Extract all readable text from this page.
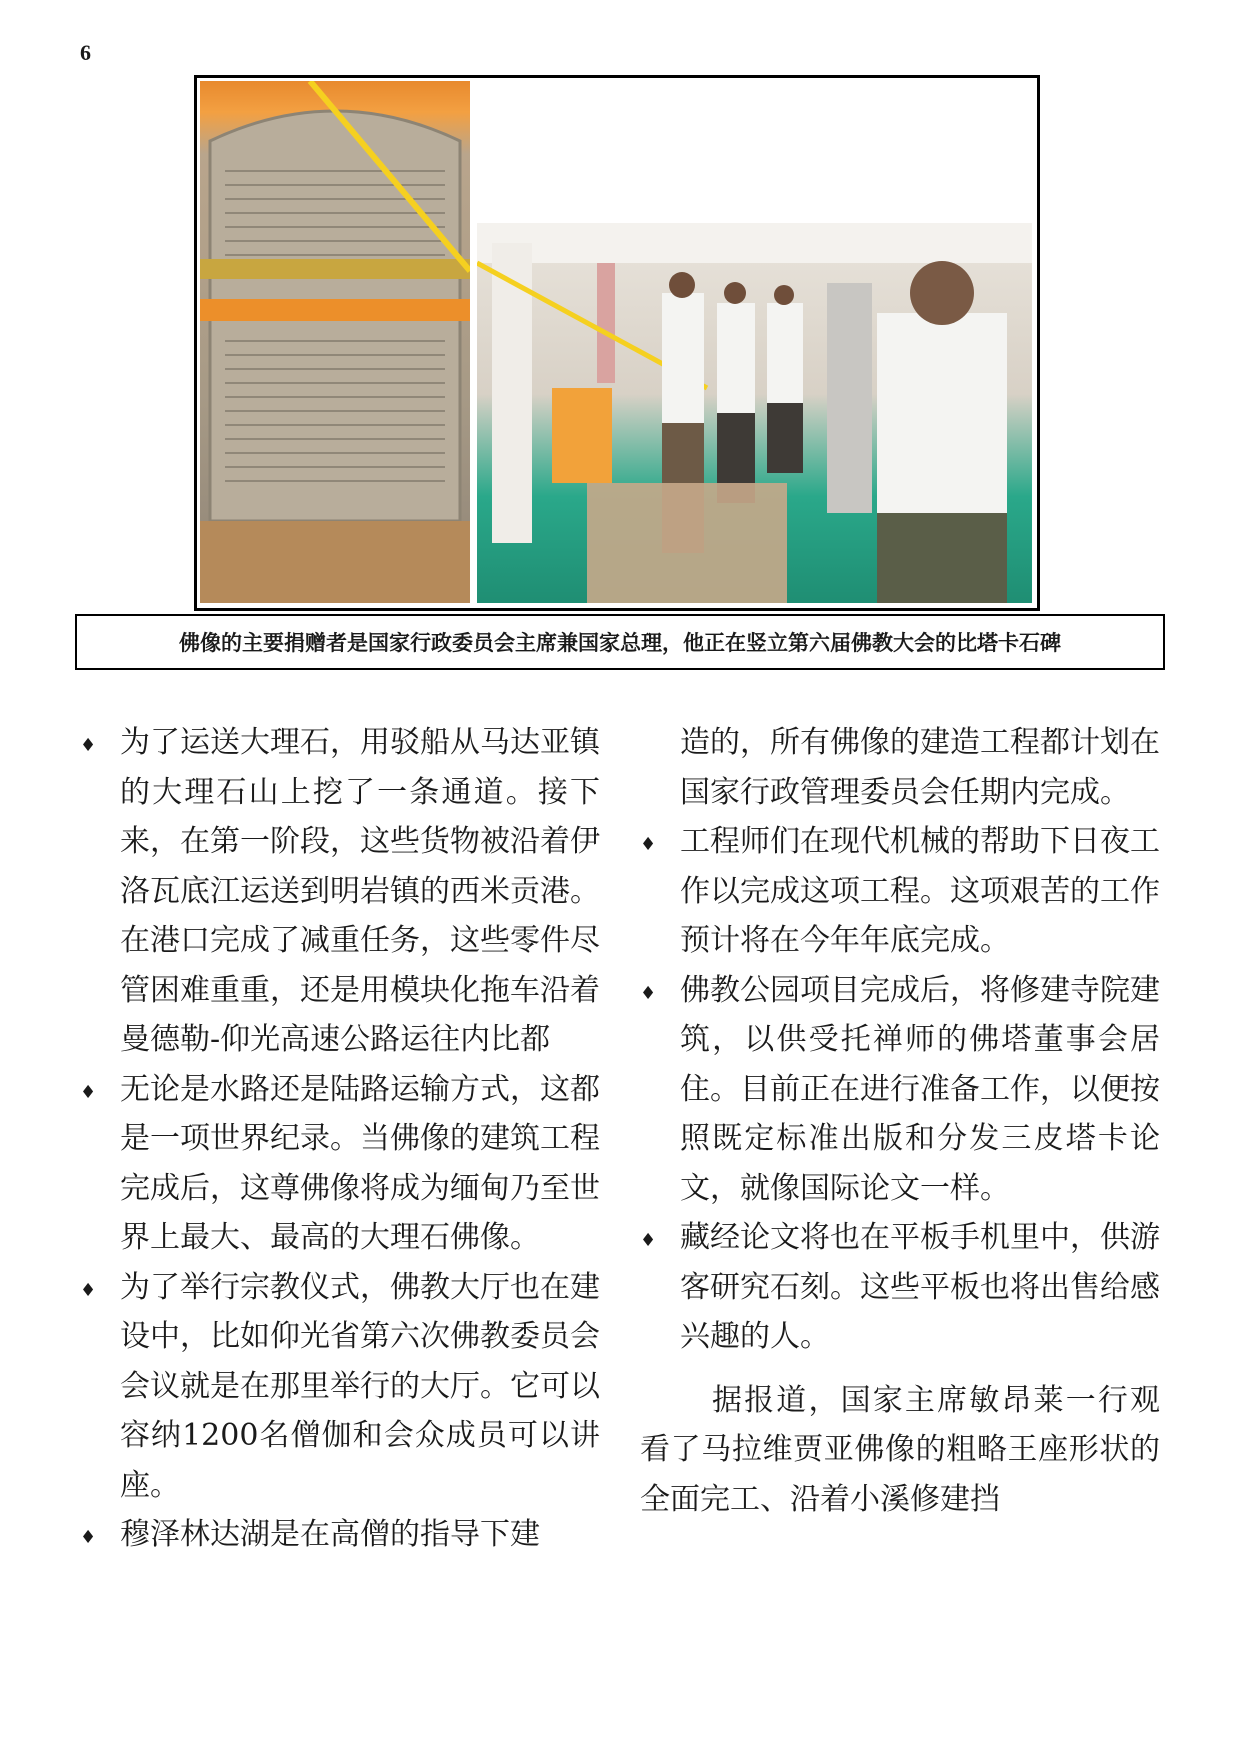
6
佛像的主要捐赠者是国家行政委员会主席兼国家总理，他正在竖立第六届佛教大会的比塔卡石碑
♦ 为了运送大理石，用驳船从马达亚镇的大理石山上挖了一条通道。接下来，在第一阶段，这些货物被沿着伊洛瓦底江运送到明岩镇的西米贡港。在港口完成了减重任务，这些零件尽管困难重重，还是用模块化拖车沿着曼德勒-仰光高速公路运往内比都
♦ 无论是水路还是陆路运输方式，这都是一项世界纪录。当佛像的建筑工程完成后，这尊佛像将成为缅甸乃至世界上最大、最高的大理石佛像。
♦ 为了举行宗教仪式，佛教大厅也在建设中，比如仰光省第六次佛教委员会会议就是在那里举行的大厅。它可以容纳1200名僧伽和会众成员可以讲座。
♦ 穆泽林达湖是在高僧的指导下建

造的，所有佛像的建造工程都计划在国家行政管理委员会任期内完成。

♦ 工程师们在现代机械的帮助下日夜工作以完成这项工程。这项艰苦的工作预计将在今年年底完成。
♦ 佛教公园项目完成后，将修建寺院建筑，以供受托禅师的佛塔董事会居住。目前正在进行准备工作，以便按照既定标准出版和分发三皮塔卡论文，就像国际论文一样。
♦ 藏经论文将也在平板手机里中，供游客研究石刻。这些平板也将出售给感兴趣的人。

据报道，国家主席敏昂莱一行观看了马拉维贾亚佛像的粗略王座形状的全面完工、沿着小溪修建挡
